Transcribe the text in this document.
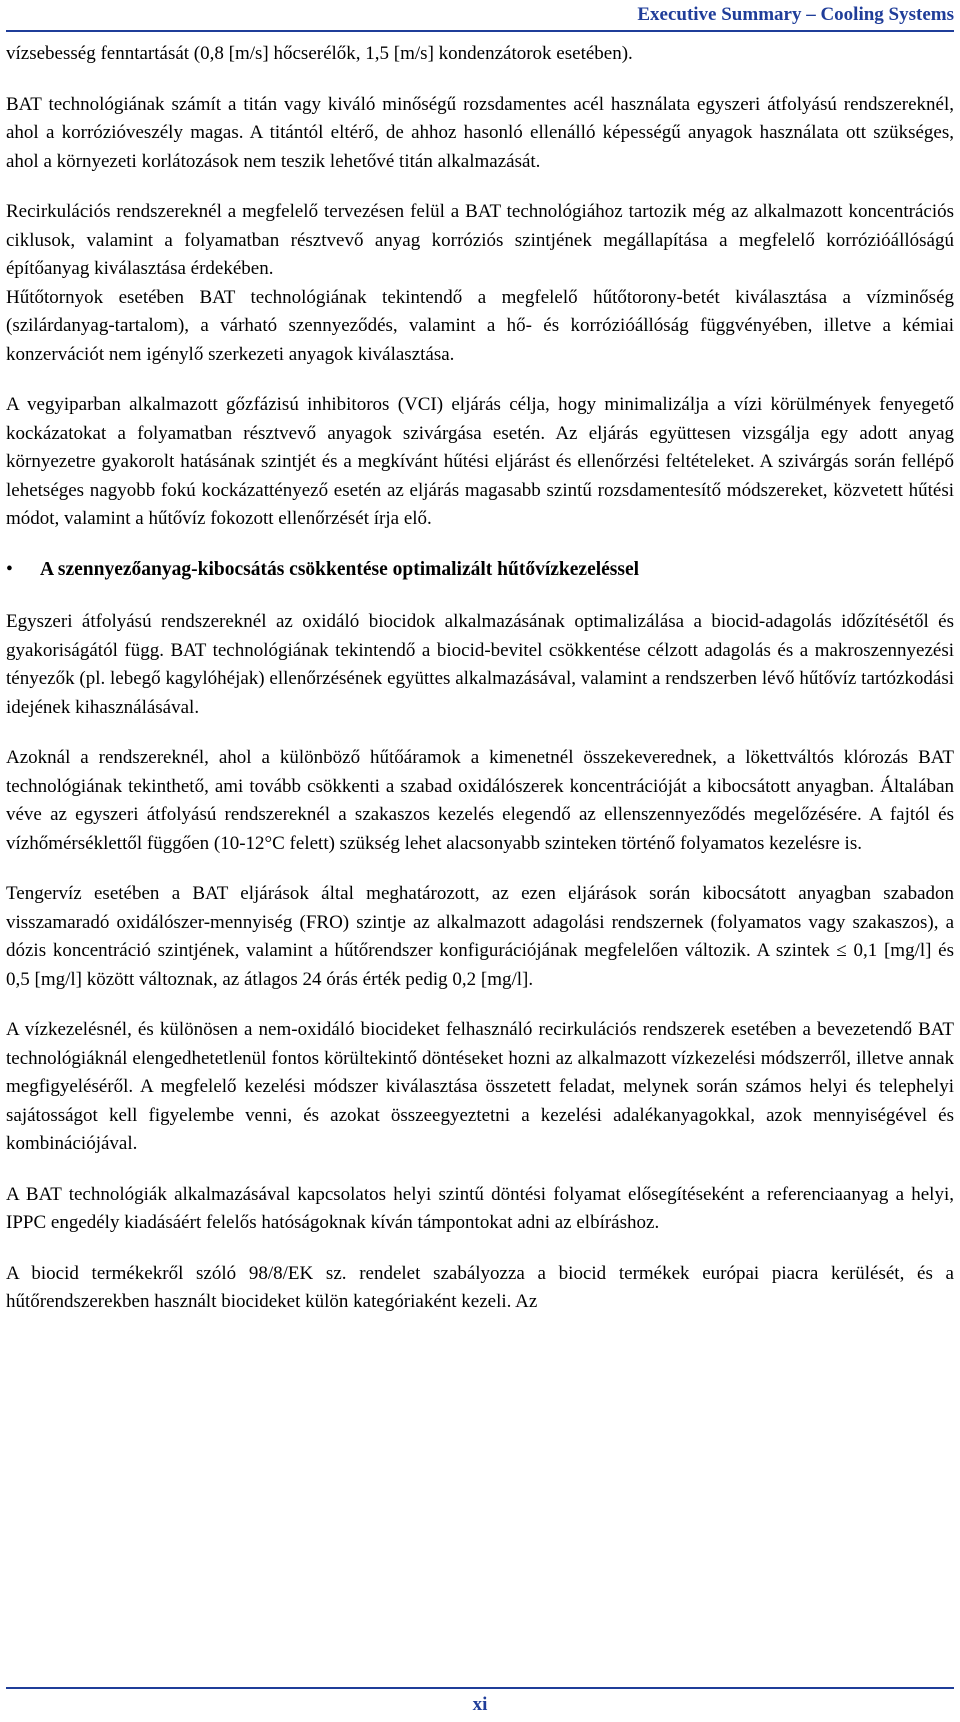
Executive Summary – Cooling Systems

vízsebesség fenntartását (0,8 [m/s] hőcserélők, 1,5 [m/s] kondenzátorok esetében).

BAT technológiának számít a titán vagy kiváló minőségű rozsdamentes acél használata egyszeri átfolyású rendszereknél, ahol a korrózióveszély magas. A titántól eltérő, de ahhoz hasonló ellenálló képességű anyagok használata ott szükséges, ahol a környezeti korlátozások nem teszik lehetővé titán alkalmazását.

Recirkulációs rendszereknél a megfelelő tervezésen felül a BAT technológiához tartozik még az alkalmazott koncentrációs ciklusok, valamint a folyamatban résztvevő anyag korróziós szintjének megállapítása a megfelelő korrózióállóságú építőanyag kiválasztása érdekében.

Hűtőtornyok esetében BAT technológiának tekintendő a megfelelő hűtőtorony-betét kiválasztása a vízminőség (szilárdanyag-tartalom), a várható szennyeződés, valamint a hő- és korrózióállóság függvényében, illetve a kémiai konzervációt nem igénylő szerkezeti anyagok kiválasztása.

A vegyiparban alkalmazott gőzfázisú inhibitoros (VCI) eljárás célja, hogy minimalizálja a vízi körülmények fenyegető kockázatokat a folyamatban résztvevő anyagok szivárgása esetén. Az eljárás együttesen vizsgálja egy adott anyag környezetre gyakorolt hatásának szintjét és a megkívánt hűtési eljárást és ellenőrzési feltételeket. A szivárgás során fellépő lehetséges nagyobb fokú kockázattényező esetén az eljárás magasabb szintű rozsdamentesítő módszereket, közvetett hűtési módot, valamint a hűtővíz fokozott ellenőrzését írja elő.

•	A szennyezőanyag-kibocsátás csökkentése optimalizált hűtővízkezeléssel

Egyszeri átfolyású rendszereknél az oxidáló biocidok alkalmazásának optimalizálása a biocid-adagolás időzítésétől és gyakoriságától függ. BAT technológiának tekintendő a biocid-bevitel csökkentése célzott adagolás és a makroszennyezési tényezők (pl. lebegő kagylóhéjak) ellenőrzésének együttes alkalmazásával, valamint a rendszerben lévő hűtővíz tartózkodási idejének kihasználásával.

Azoknál a rendszereknél, ahol a különböző hűtőáramok a kimenetnél összekeverednek, a lökettváltós klórozás BAT technológiának tekinthető, ami tovább csökkenti a szabad oxidálószerek koncentrációját a kibocsátott anyagban. Általában véve az egyszeri átfolyású rendszereknél a szakaszos kezelés elegendő az ellenszennyeződés megelőzésére. A fajtól és vízhőmérséklettől függően (10-12°C felett) szükség lehet alacsonyabb szinteken történő folyamatos kezelésre is.

Tengervíz esetében a BAT eljárások által meghatározott, az ezen eljárások során kibocsátott anyagban szabadon visszamaradó oxidálószer-mennyiség (FRO) szintje az alkalmazott adagolási rendszernek (folyamatos vagy szakaszos), a dózis koncentráció szintjének, valamint a hűtőrendszer konfigurációjának megfelelően változik. A szintek ≤ 0,1 [mg/l] és 0,5 [mg/l] között változnak, az átlagos 24 órás érték pedig 0,2 [mg/l].

A vízkezelésnél, és különösen a nem-oxidáló biocideket felhasználó recirkulációs rendszerek esetében a bevezetendő BAT technológiáknál elengedhetetlenül fontos körültekintő döntéseket hozni az alkalmazott vízkezelési módszerről, illetve annak megfigyeléséről. A megfelelő kezelési módszer kiválasztása összetett feladat, melynek során számos helyi és telephelyi sajátosságot kell figyelembe venni, és azokat összeegyeztetni a kezelési adalékanyagokkal, azok mennyiségével és kombinációjával.

A BAT technológiák alkalmazásával kapcsolatos helyi szintű döntési folyamat elősegítéseként a referenciaanyag a helyi, IPPC engedély kiadásáért felelős hatóságoknak kíván támpontokat adni az elbíráshoz.

A biocid termékekről szóló 98/8/EK sz. rendelet szabályozza a biocid termékek európai piacra kerülését, és a hűtőrendszerekben használt biocideket külön kategóriaként kezeli. Az

xi
